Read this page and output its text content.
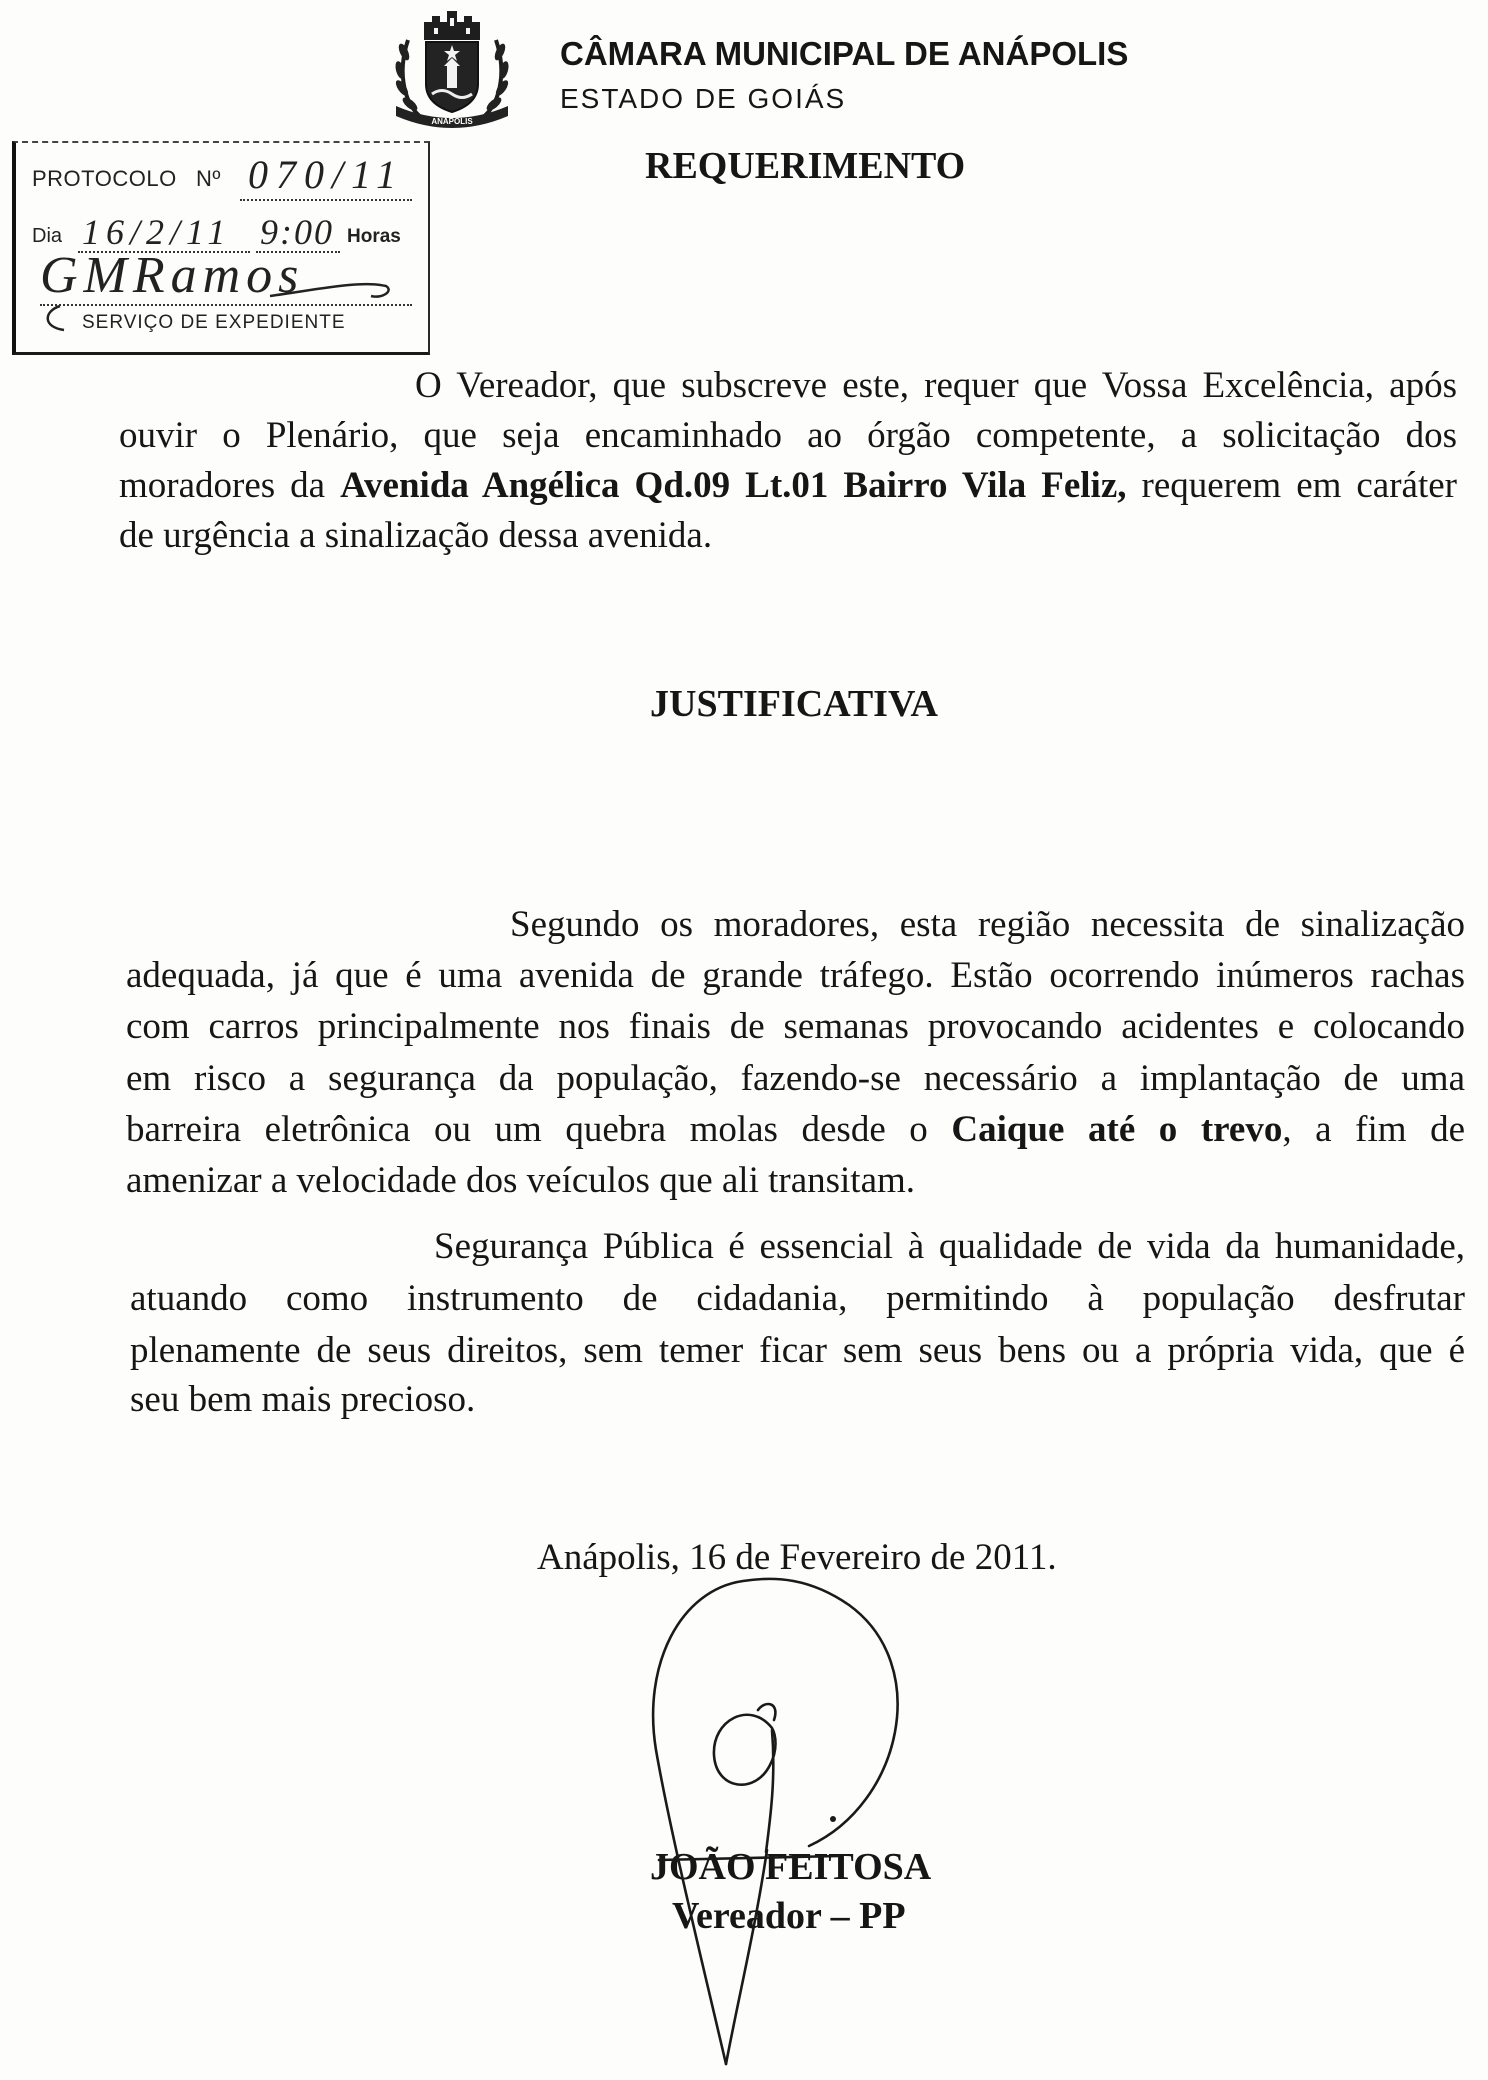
ANÁPOLIS
CÂMARA MUNICIPAL DE ANÁPOLIS
ESTADO DE GOIÁS
PROTOCOLO Nº 070/11
Dia 16/2/11 9:00 Horas
GMRamos
SERVIÇO DE EXPEDIENTE
REQUERIMENTO
O Vereador, que subscreve este, requer que Vossa Excelência, após
ouvir o Plenário, que seja encaminhado ao órgão competente, a solicitação dos
moradores da Avenida Angélica Qd.09 Lt.01 Bairro Vila Feliz, requerem em caráter
de urgência a sinalização dessa avenida.
JUSTIFICATIVA
Segundo os moradores, esta região necessita de sinalização
adequada, já que é uma avenida de grande tráfego. Estão ocorrendo inúmeros rachas
com carros principalmente nos finais de semanas provocando acidentes e colocando
em risco a segurança da população, fazendo-se necessário a implantação de uma
barreira eletrônica ou um quebra molas desde o Caique até o trevo, a fim de
amenizar a velocidade dos veículos que ali transitam.
Segurança Pública é essencial à qualidade de vida da humanidade,
atuando como instrumento de cidadania, permitindo à população desfrutar
plenamente de seus direitos, sem temer ficar sem seus bens ou a própria vida, que é
seu bem mais precioso.
Anápolis, 16 de Fevereiro de 2011.
JOÃO FEITOSA
Vereador – PP
